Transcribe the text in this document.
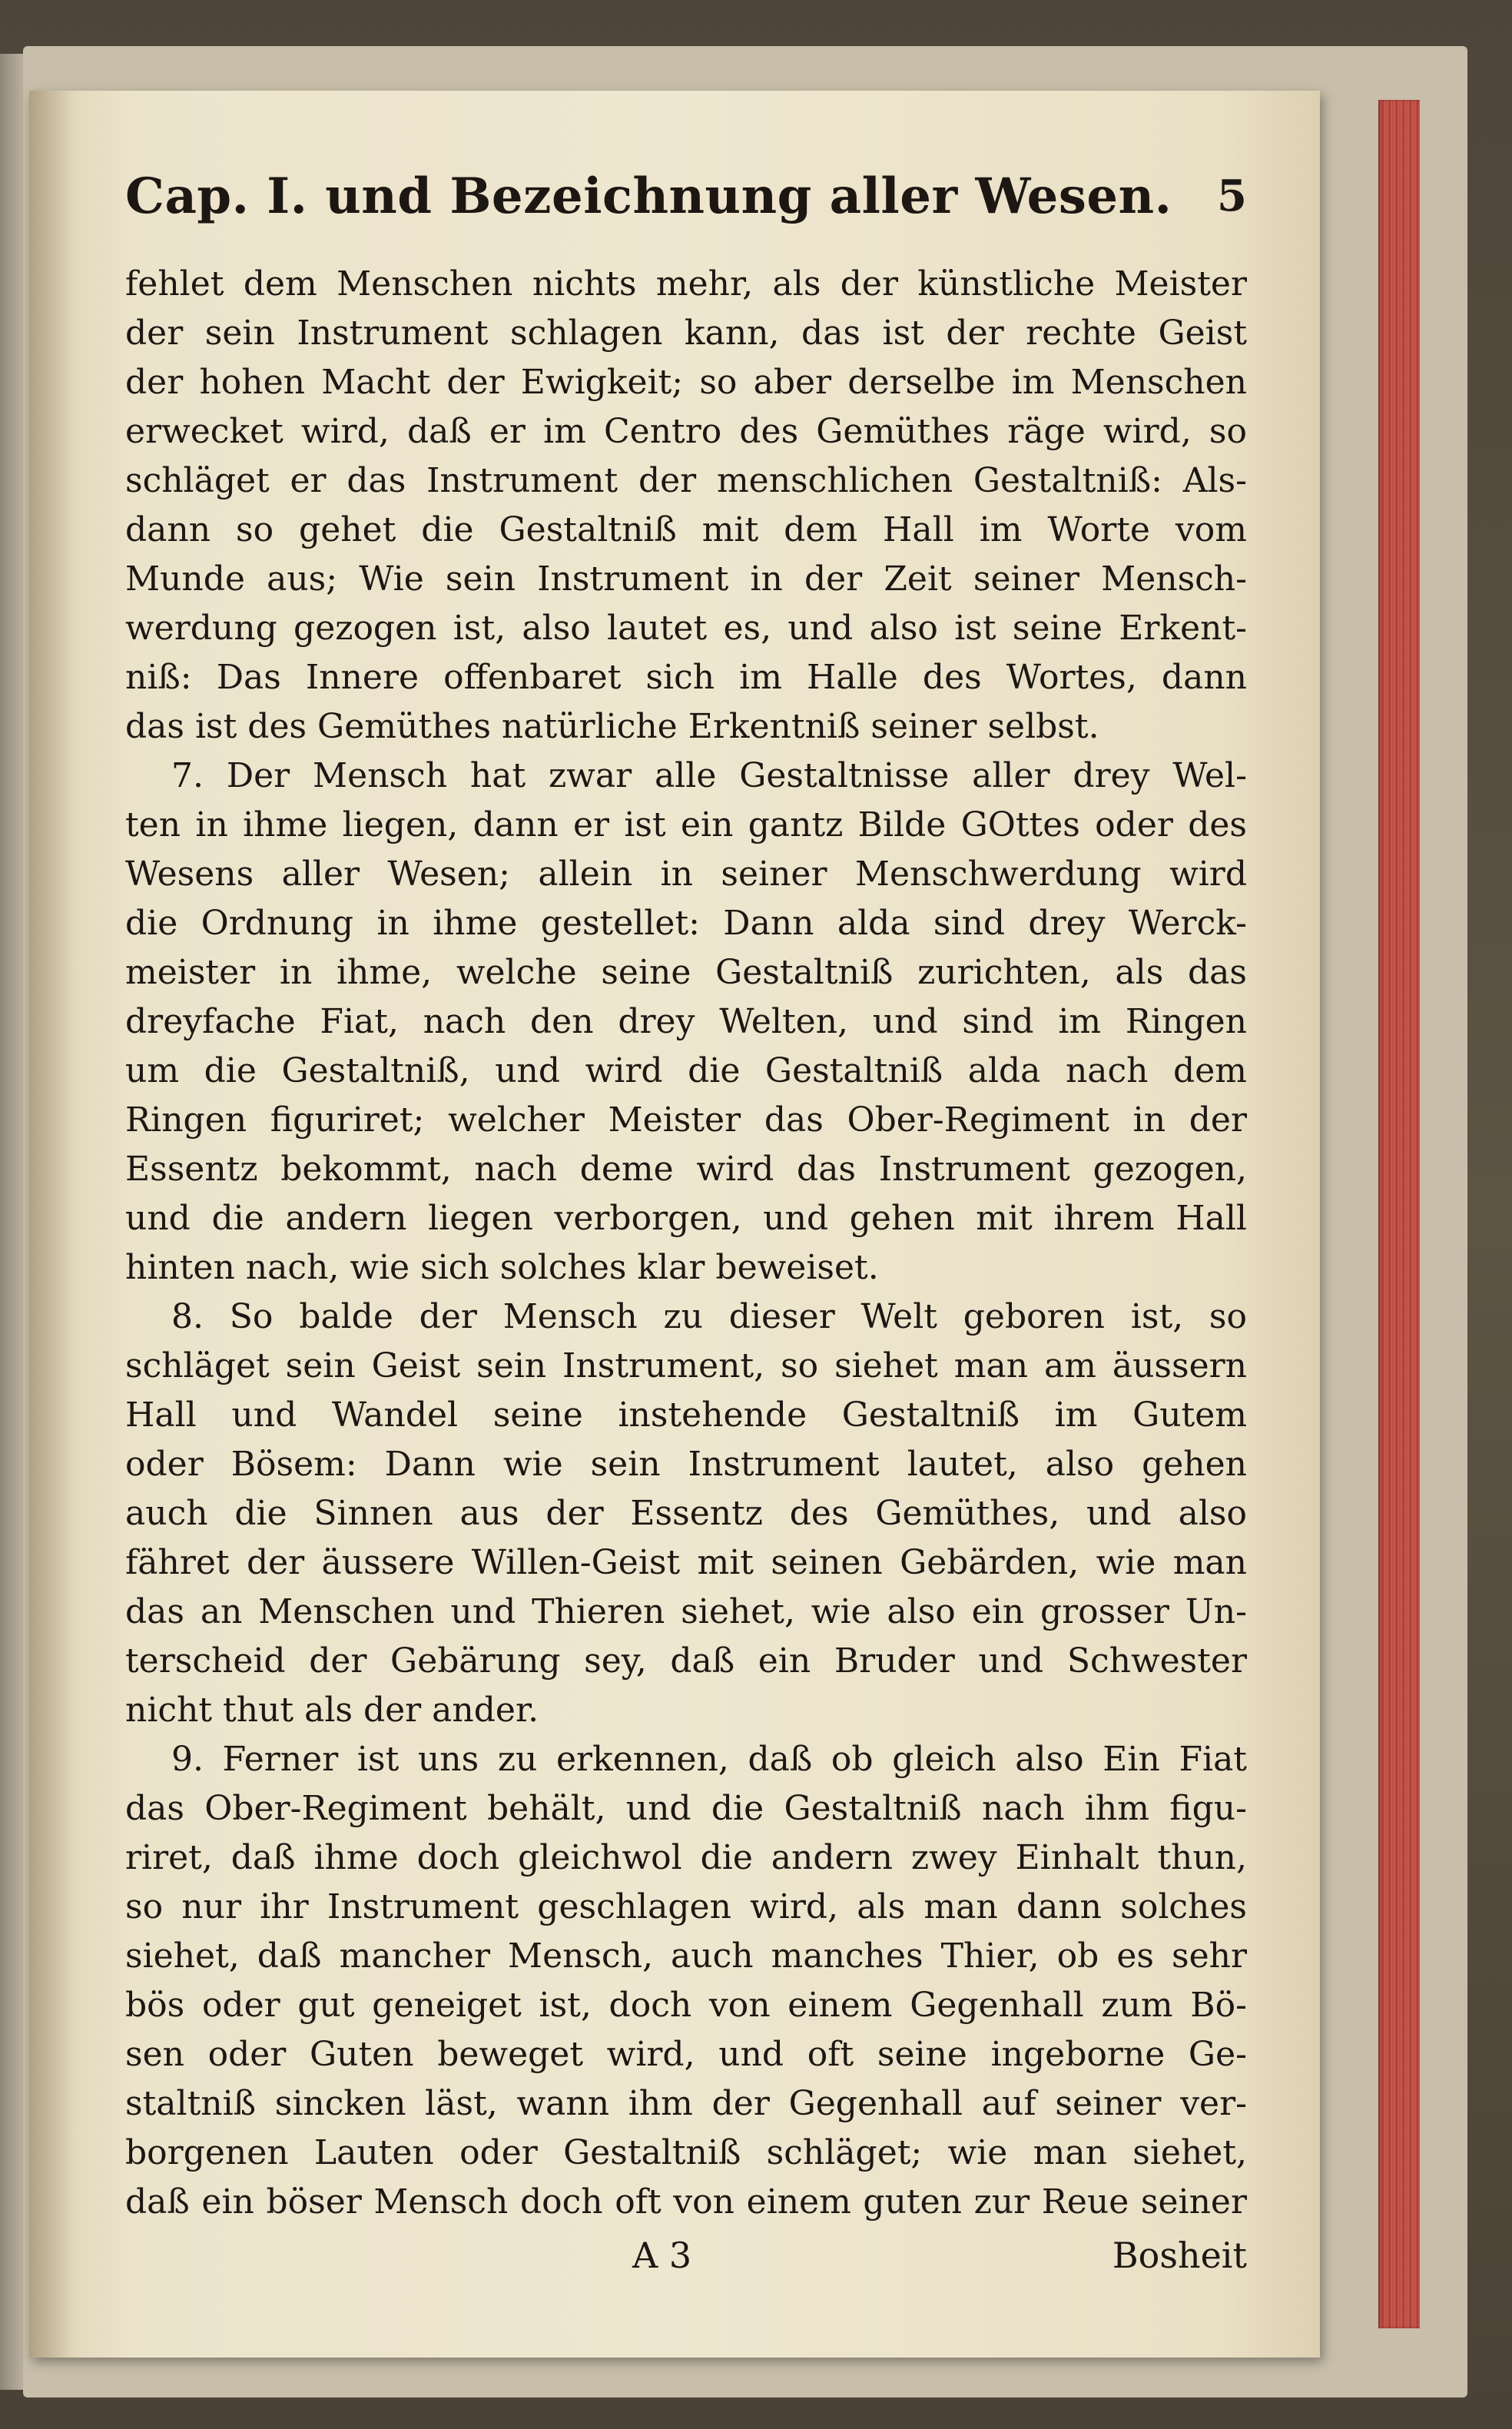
Cap. I. und Bezeichnung aller Wesen. 5
fehlet dem Menschen nichts mehr, als der künstliche Meister
der sein Instrument schlagen kann, das ist der rechte Geist
der hohen Macht der Ewigkeit; so aber derselbe im Menschen
erwecket wird, daß er im Centro des Gemüthes räge wird, so
schläget er das Instrument der menschlichen Gestaltniß: Als-
dann so gehet die Gestaltniß mit dem Hall im Worte vom
Munde aus; Wie sein Instrument in der Zeit seiner Mensch-
werdung gezogen ist, also lautet es, und also ist seine Erkent-
niß: Das Innere offenbaret sich im Halle des Wortes, dann
das ist des Gemüthes natürliche Erkentniß seiner selbst.
7. Der Mensch hat zwar alle Gestaltnisse aller drey Wel-
ten in ihme liegen, dann er ist ein gantz Bilde GOttes oder des
Wesens aller Wesen; allein in seiner Menschwerdung wird
die Ordnung in ihme gestellet: Dann alda sind drey Werck-
meister in ihme, welche seine Gestaltniß zurichten, als das
dreyfache Fiat, nach den drey Welten, und sind im Ringen
um die Gestaltniß, und wird die Gestaltniß alda nach dem
Ringen figuriret; welcher Meister das Ober-Regiment in der
Essentz bekommt, nach deme wird das Instrument gezogen,
und die andern liegen verborgen, und gehen mit ihrem Hall
hinten nach, wie sich solches klar beweiset.
8. So balde der Mensch zu dieser Welt geboren ist, so
schläget sein Geist sein Instrument, so siehet man am äussern
Hall und Wandel seine instehende Gestaltniß im Gutem
oder Bösem: Dann wie sein Instrument lautet, also gehen
auch die Sinnen aus der Essentz des Gemüthes, und also
fähret der äussere Willen-Geist mit seinen Gebärden, wie man
das an Menschen und Thieren siehet, wie also ein grosser Un-
terscheid der Gebärung sey, daß ein Bruder und Schwester
nicht thut als der ander.
9. Ferner ist uns zu erkennen, daß ob gleich also Ein Fiat
das Ober-Regiment behält, und die Gestaltniß nach ihm figu-
riret, daß ihme doch gleichwol die andern zwey Einhalt thun,
so nur ihr Instrument geschlagen wird, als man dann solches
siehet, daß mancher Mensch, auch manches Thier, ob es sehr
bös oder gut geneiget ist, doch von einem Gegenhall zum Bö-
sen oder Guten beweget wird, und oft seine ingeborne Ge-
staltniß sincken läst, wann ihm der Gegenhall auf seiner ver-
borgenen Lauten oder Gestaltniß schläget; wie man siehet,
daß ein böser Mensch doch oft von einem guten zur Reue seiner
A 3	Bosheit
